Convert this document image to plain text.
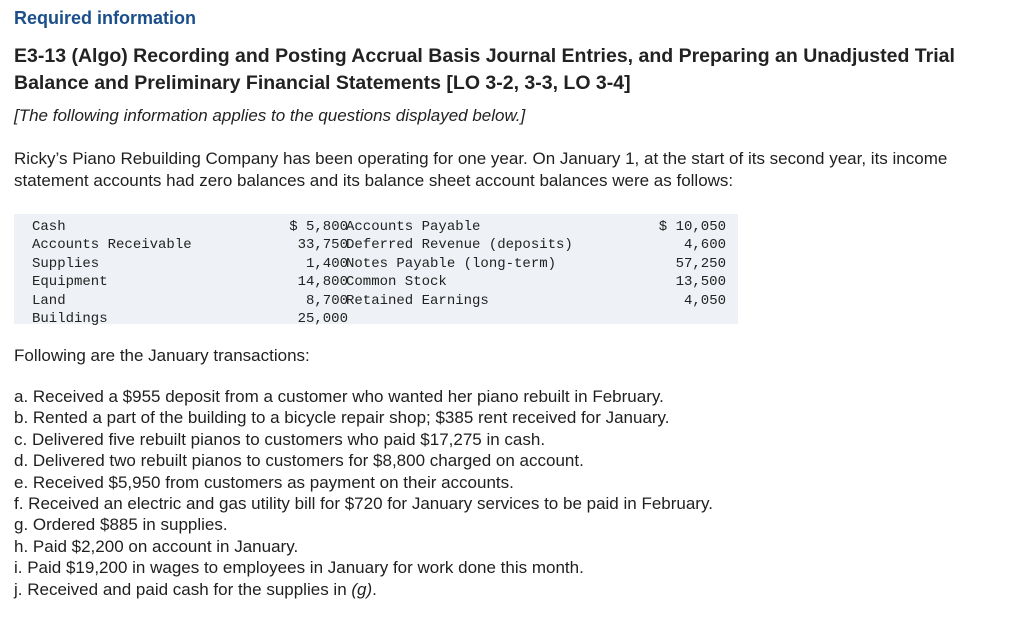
Required information
E3-13 (Algo) Recording and Posting Accrual Basis Journal Entries, and Preparing an Unadjusted Trial Balance and Preliminary Financial Statements [LO 3-2, 3-3, LO 3-4]
[The following information applies to the questions displayed below.]
Ricky’s Piano Rebuilding Company has been operating for one year. On January 1, at the start of its second year, its income statement accounts had zero balances and its balance sheet account balances were as follows:
Cash
Accounts Receivable
Supplies
Equipment
Land
Buildings
$ 5,800
33,750
1,400
14,800
8,700
25,000
Accounts Payable
Deferred Revenue (deposits)
Notes Payable (long-term)
Common Stock
Retained Earnings
$ 10,050
4,600
57,250
13,500
4,050
Following are the January transactions:
a. Received a $955 deposit from a customer who wanted her piano rebuilt in February.
b. Rented a part of the building to a bicycle repair shop; $385 rent received for January.
c. Delivered five rebuilt pianos to customers who paid $17,275 in cash.
d. Delivered two rebuilt pianos to customers for $8,800 charged on account.
e. Received $5,950 from customers as payment on their accounts.
f. Received an electric and gas utility bill for $720 for January services to be paid in February.
g. Ordered $885 in supplies.
h. Paid $2,200 on account in January.
i. Paid $19,200 in wages to employees in January for work done this month.
j. Received and paid cash for the supplies in (g).
